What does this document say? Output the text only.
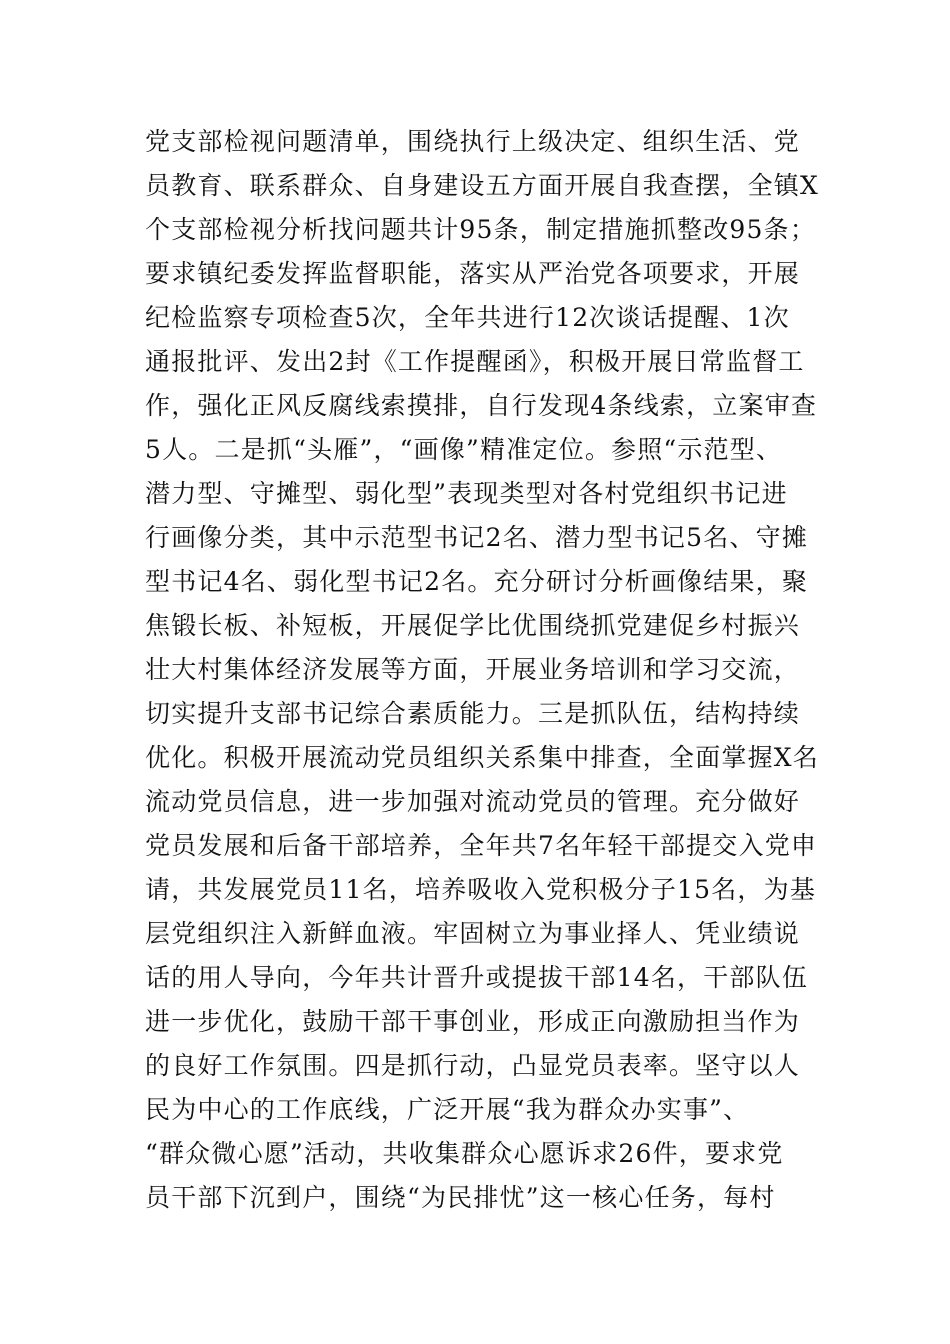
党支部检视问题清单，围绕执行上级决定、组织生活、党
员教育、联系群众、自身建设五方面开展自我查摆，全镇X
个支部检视分析找问题共计95条，制定措施抓整改95条；
要求镇纪委发挥监督职能，落实从严治党各项要求，开展
纪检监察专项检查5次，全年共进行12次谈话提醒、1次
通报批评、发出2封《工作提醒函》，积极开展日常监督工
作，强化正风反腐线索摸排，自行发现4条线索，立案审查
5人。二是抓“头雁”，“画像”精准定位。参照“示范型、
潜力型、守摊型、弱化型”表现类型对各村党组织书记进
行画像分类，其中示范型书记2名、潜力型书记5名、守摊
型书记4名、弱化型书记2名。充分研讨分析画像结果，聚
焦锻长板、补短板，开展促学比优围绕抓党建促乡村振兴
壮大村集体经济发展等方面，开展业务培训和学习交流，
切实提升支部书记综合素质能力。三是抓队伍，结构持续
优化。积极开展流动党员组织关系集中排查，全面掌握X名
流动党员信息，进一步加强对流动党员的管理。充分做好
党员发展和后备干部培养，全年共7名年轻干部提交入党申
请，共发展党员11名，培养吸收入党积极分子15名，为基
层党组织注入新鲜血液。牢固树立为事业择人、凭业绩说
话的用人导向，今年共计晋升或提拔干部14名，干部队伍
进一步优化，鼓励干部干事创业，形成正向激励担当作为
的良好工作氛围。四是抓行动，凸显党员表率。坚守以人
民为中心的工作底线，广泛开展“我为群众办实事”、
“群众微心愿”活动，共收集群众心愿诉求26件，要求党
员干部下沉到户，围绕“为民排忧”这一核心任务，每村
